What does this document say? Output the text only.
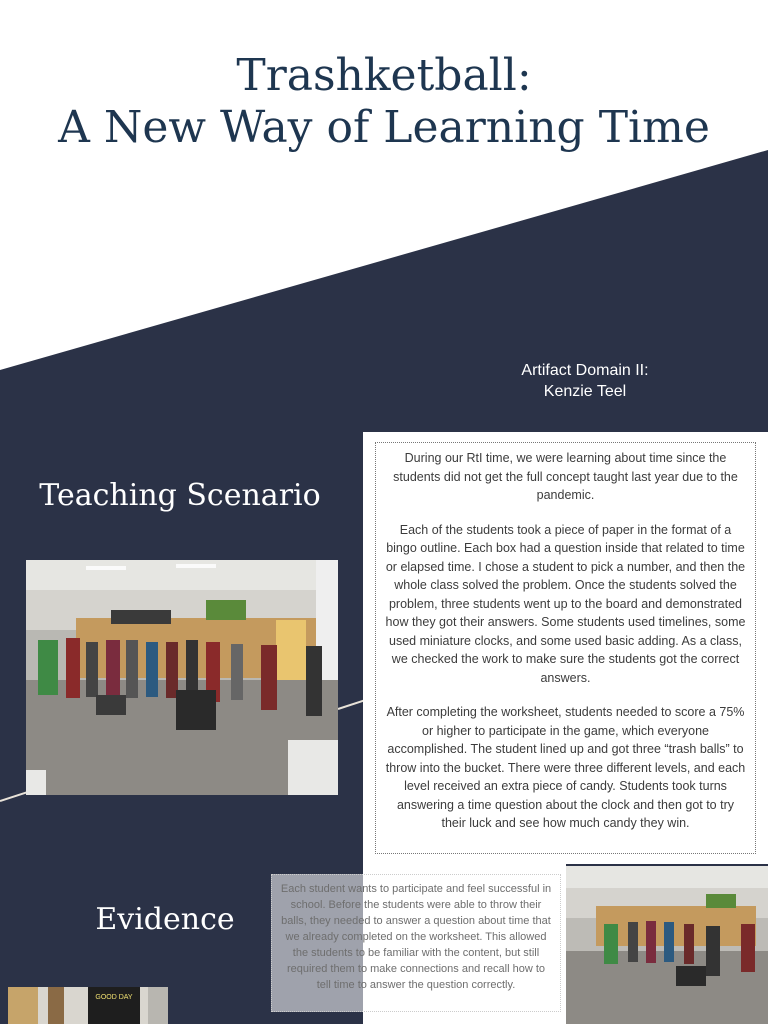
Trashketball:
A New Way of Learning Time
Artifact Domain II:
Kenzie Teel
Teaching Scenario

During our RtI time, we were learning about time since the students did not get the full concept taught last year due to the pandemic.

Each of the students took a piece of paper in the format of a bingo outline. Each box had a question inside that related to time or elapsed time. I chose a student to pick a number, and then the whole class solved the problem. Once the students solved the problem, three students went up to the board and demonstrated how they got their answers. Some students used timelines, some used miniature clocks, and some used basic adding. As a class, we checked the work to make sure the students got the correct answers.

After completing the worksheet, students needed to score a 75% or higher to participate in the game, which everyone accomplished. The student lined up and got three “trash balls” to throw into the bucket. There were three different levels, and each level received an extra piece of candy. Students took turns answering a time question about the clock and then got to try their luck and see how much candy they win.

Evidence
Each student wants to participate and feel successful in school. Before the students were able to throw their balls, they needed to answer a question about time that we already completed on the worksheet. This allowed the students to be familiar with the content, but still required them to make connections and recall how to tell time to answer the question correctly.
GOOD DAY
